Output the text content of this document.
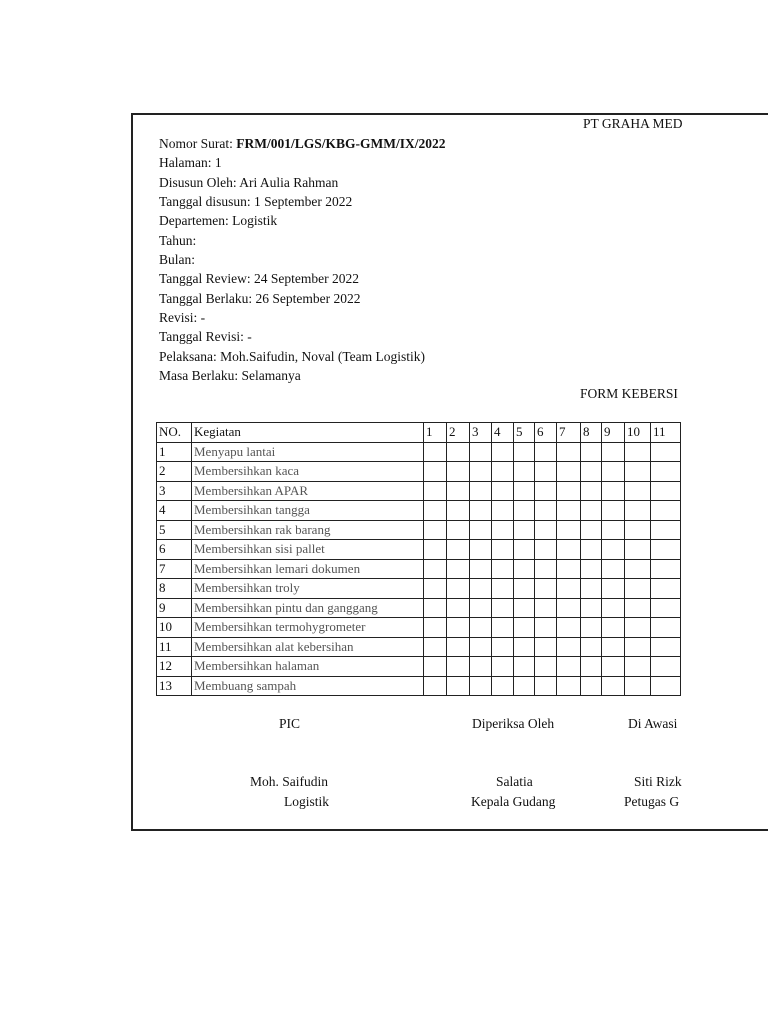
PT GRAHA MED
Nomor Surat: FRM/001/LGS/KBG-GMM/IX/2022
Halaman: 1
Disusun Oleh: Ari Aulia Rahman
Tanggal disusun: 1 September 2022
Departemen: Logistik
Tahun:
Bulan:
Tanggal Review: 24 September 2022
Tanggal Berlaku: 26 September 2022
Revisi: -
Tanggal Revisi: -
Pelaksana: Moh.Saifudin, Noval (Team Logistik)
Masa Berlaku: Selamanya
FORM KEBERSI
NO.	Kegiatan	1	2	3	4	5	6	7	8	9	10	11
1	Menyapu lantai											
2	Membersihkan kaca											
3	Membersihkan APAR											
4	Membersihkan tangga											
5	Membersihkan rak barang											
6	Membersihkan sisi pallet											
7	Membersihkan lemari dokumen											
8	Membersihkan troly											
9	Membersihkan pintu dan ganggang											
10	Membersihkan termohygrometer											
11	Membersihkan alat kebersihan											
12	Membersihkan halaman											
13	Membuang sampah											
PIC	Diperiksa Oleh	Di Awasi
Moh. Saifudin	Salatia	Siti Rizk
Logistik	Kepala Gudang	Petugas G
